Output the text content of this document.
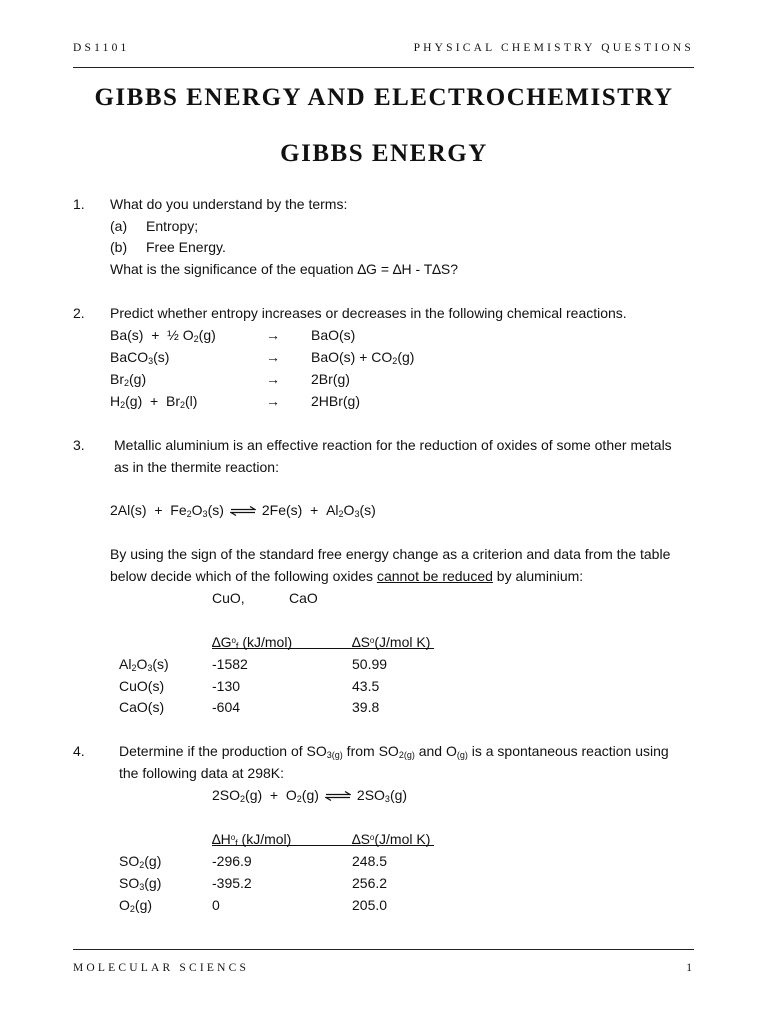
DS1101	PHYSICAL CHEMISTRY QUESTIONS
GIBBS ENERGY AND ELECTROCHEMISTRY
GIBBS ENERGY
1. What do you understand by the terms:
(a) Entropy;
(b) Free Energy.
What is the significance of the equation ∆G = ∆H - T∆S?
2. Predict whether entropy increases or decreases in the following chemical reactions.
Ba(s)  +  ½ $O_2(g)$	→ BaO(s)
BaCO$_3$(s)	→ $BaO(s) + CO_2(g)$
$Br_2(g)$	→ 2Br(g)
$H_2(g) + Br_2(l)$	→ 2HBr(g)
3. Metallic aluminium is an effective reaction for the reduction of oxides of some other metals
as in the thermite reaction:
$2Al(s) + Fe_2O_3(s)$ ⇌ $2Fe(s) + Al_2O_3(s)$
By using the sign of the standard free energy change as a criterion and data from the table
below decide which of the following oxides cannot be reduced by aluminium:
CuO,	CaO
$\Delta G^o_f$ (kJ/mol)	$\Delta S^o(J$/mol K)
$Al_2O_3(s)$	-1582	50.99
CuO(s)	-130	43.5
CaO(s)	-604	39.8
4. Determine if the production of $SO_{3(g)}$ from $SO_{2(g)}$ and $O_{(g)}$ is a spontaneous reaction using
the following data at 298K:
$2SO_2(g) + O_2(g)$ ⇌ $2SO_3(g)$
$\Delta H^o_f$ (kJ/mol)	$\Delta S^o(J$/mol K)
$SO_2(g)$	-296.9	248.5
$SO_3(g)$	-395.2	256.2
$O_2(g)$	0	205.0
MOLECULAR SCIENCS	1
